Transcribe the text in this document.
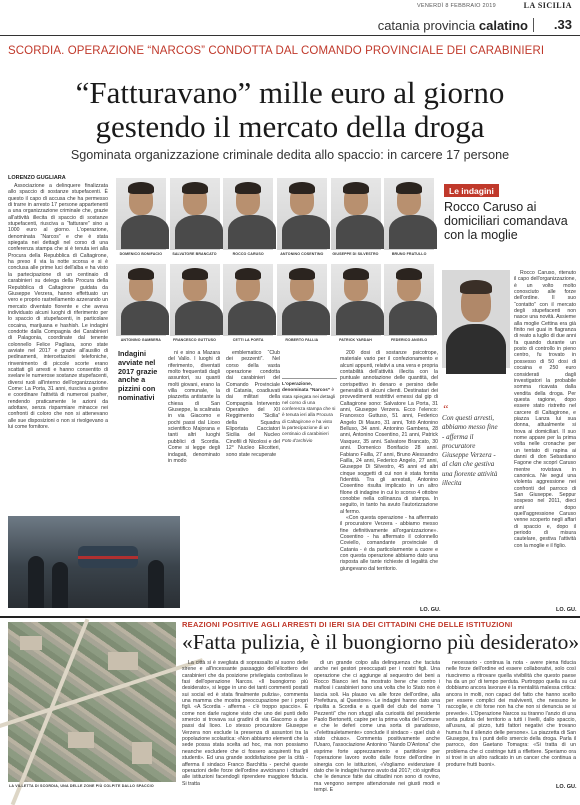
VENERDÌ 8 FEBBRAIO 2019	LA SICILIA
catania provincia calatino .33
SCORDIA. OPERAZIONE “NARCOS” CONDOTTA DAL COMANDO PROVINCIALE DEI CARABINIERI
“Fatturavano” mille euro al giorno
gestendo il mercato della droga
Sgominata organizzazione criminale dedita allo spaccio: in carcere 17 persone
LORENZO GUGLIARA

Associazione a delinquere finalizzata allo spaccio di sostanze stupefacenti. È questo il capo di accusa che ha permesso di trarre in arresto 17 persone appartenenti a una organizzazione criminale che, grazie all'attività illecita di spaccio di sostanze stupefacenti, riusciva a “fatturare” sino a 1000 euro al giorno. L'operazione, denominata “Narcos” e che è stata spiegata nei dettagli nel corso di una conferenza stampa che si è tenuta ieri alla Procura della Repubblica di Caltagirone, ha preso il via la notte scorsa e si è conclusa alle prime luci dell'alba e ha visto la partecipazione di un centinaio di carabinieri su delega della Procura della Repubblica di Caltagirone guidata da Giuseppe Verzera, hanno effettuato un vero e proprio rastrellamento azzerando un mercato diventato fiorente e che aveva individuato alcuni luoghi di riferimento per lo spaccio di stupefacenti, in particolare cocaina, marijuana e hashish. Le indagini condotte dalla Compagnia dei Carabinieri di Palagonia, coordinate dal tenente colonnello Felice Pagliara, sono state avviate nel 2017 e grazie all'ausilio di pedinamenti, intercettazioni telefoniche, rinvenimento di piccole scorte erano scattati gli arresti e hanno consentito di svelare le numerose sostanze stupefacenti, diversi ruoli all'interno dell'organizzazione. Come: La Porta, 31 anni, riusciva a gestire e coordinare l'attività di numerosi pusher, rendendo praticamente le azioni da adottare, senza risparmiare minacce nei confronti di coloro che non si attenevano alle sue disposizioni o non si rivolgevano a lui come fornitore.

DOMENICO BONIFACIO	SALVATORE BRANCATO	ROCCO CARUSO	ANTONINO COSENTINO	GIUSEPPE DI SILVESTRO	BRUNO FRATULLO
ANTONINO GAMBERA	FRANCESCO GUTTUSO	CETTI LA PORTA	ROBERTO FALLIA	PATRICK YARDAH	FEDERICO ANGELO
Indagini avviate nel 2017 grazie anche a pizzini con nominativi

ni e sino a Mazara del Vallo. I luoghi di riferimento, diventati molto frequentati dagli assuntori, su quanti molti giovani, erano la villa comunale, la piazzetta antistante la chiesa di San Giuseppe, la scalinata in via Giacomo e pochi passi dal Liceo scientifico Majorana e tanti altri luoghi pubblici di Scordia. Come si legge degli indagati, denominato in modo

emblematico “Club dei pezzenti”. Nel corso della vasta operazione condotta dai carabinieri del Comando Provinciale di Catania, coadiuvati dai militari della Compagnia Intervento Operativo del XII Reggimento “Sicilia” della Squadra Eliportata Cacciatori Sicilia del Nucleo Cinofili di Nicolosi e del 12° Nucleo Elicotteri, sono state recuperate

L'operazione, denominata “Narcos” è stata spiegata nei dettagli nel corso di una conferenza stampa che si è tenuta ieri alla Procura di Caltagirone e ha visto la partecipazione di un centinaio di carabinieri Foto d'archivio

200 dosi di sostanze psicotrope, materiale vario per il confezionamento e alcuni appunti, relativi a una vera e propria contabilità dell'attività illecita con la puntuale annotazione delle quantità, del corrispettivo in denaro e persino delle generalità di alcuni clienti. Destinatari dei provvedimenti restrittivi emessi dal gip di Caltagirone sono: Salvatore La Porta, 31 anni, Giuseppe Verzera. Ecco l'elenco: Francesco Guttuso, 51 anni, Federico Angelo Di Mauro, 31 anni, Totò Antonino Belluso, 34 anni. Antonino Gambera, 28 anni, Antonino Cosentino, 21 anni, Patrick Vasquez, 35 anni. Salvatore Brancato, 30 anni. Domenico Bonifacio 28 anni. Fabiano Failla, 27 anni, Bruno Alessandro Failla, 24 anni, Federico Angelo, 27 anni, Giuseppe Di Silvestro, 45 anni ed altri cinque soggetti di cui non è stata fornita l'identità. Tra gli arrestati, Antonino Cosentino risulta implicato in un altro filone di indagine in cui lo scorso 4 ottobre conobbe nella collinanza di stampa. In seguito, in tanto ha avuto l'autorizzazione al fermo.

«Con questa operazione - ha affermato il procuratore Verzera - abbiamo messo fine definitivamente all'organizzazione». Cosentino - ha affermato il colonnello Coviello, comandante provinciale di Catania - è da particolarmente a cuore e con questa operazione abbiamo dato una risposta alle tante richieste di legalità che giungevano dal territorio.

Le indagini
Rocco Caruso ai domiciliari comandava con la moglie

Rocco Caruso, ritenuto il capo dell'organizzazione, è un volto molto conosciuto alle forze dell'ordine. Il suo “contatto” con il mercato degli stupefacenti non nasce una novità. Assieme alla moglie Cettina era già finito nei guai in flagranza di reato a luglio di due anni fa quando durante un posto di controllo in pieno centro, fu trovato in possesso di 50 dosi di cocaina e 250 euro considerati dagli investigatori la probabile somma ricavata dalla vendita della droga. Per questa ragione, dopo essere stato ristretto nel carcere di Caltagirone, e piazza Lanza lui sua donna, attualmente si trova ai domiciliari. Il suo nome appare per la prima volta nelle cronache per un tentato di rapina ai danni di don Sebastiano Fagone che scoprì Caruso mentre rovistava in canonica. Ne seguì una violenta aggressione nei confronti del parroco di San Giuseppe. Seppur sospeso nel 2011, dieci anni dopo quell'aggressione Caruso venne scoperto negli affari di spaccio e, dopo il periodo di misura cautelare, gestiva l'attività con la moglie e il figlio.

“
Con questi arresti, abbiamo messo fine - afferma il procuratore Giuseppe Verzera - al clan che gestiva una fiorente attività illecita
LO. GU.
LO. GU.
LA VILLETTA DI SCORDIA, UNA DELLE ZONE PIÙ COLPITE DALLO SPACCIO
REAZIONI POSITIVE AGLI ARRESTI DI IERI SIA DEI CITTADINI CHE DELLE ISTITUZIONI
«Fatta pulizia, è il buongiorno più desiderato»

La città si è svegliata di soprassalto al suono delle sirene e all'incessante passaggio dell'elicottero dei carabinieri che da posizione privilegiata controllava le fasi dell'operazione Narcos. «Il buongiorno più desiderato», si legge in uno dei tanti commenti postati sui social ed è stata finalmente pulizia», commenta una mamma che mostra preoccupazione per i propri figli. «A Scordia - afferma - c'è troppo spaccio». È come non darle ragione visto che uno dei punti dello smercio si trovava sui gradini di via Giacomo a due passi dal liceo. Lo stesso procuratore Giuseppe Verzera non esclude la presenza di assuntori tra la popolazione scolastica: «Non abbiamo elementi che la sede possa stata scelta ad hoc, ma non possiamo neanche escludere che ci fossero acquirenti fra gli studenti». Ed una grande soddisfazione per la città - afferma il sindaco Franco Barchitta - perché queste operazioni delle forze dell'ordine avvicinano i cittadini alle istituzioni facendogli riprendere maggiore fiducia. Si tratta

di un grande colpo alla delinquenza che taciuta anche nei gestori preoccupati per i nostri figli. Una operazione che ci aggiunge al sequestro dei beni a Rocco Bianco ieri ha mostrato bene che contro i mafiosi i carabinieri sono una volta che lo Stato non è lascia soli. Ha plauso va alle forze dell'ordine, alla Prefettura, al Questore». Le indagini hanno dato una ripulita a Scordia e a quelli del club del nome “I Pezzenti” che non sfuggì alla curiosità del presidente Paolo Bertonetti, capire per la prima volta del Comune e che le deferì come una sorta di paradosso, «l'elettrauletamente» conclude il sindaco - quel club è stato chiuso». Commenta positivamente anche l'Usaro, l'associazione Antonino “Nando D'Antona” che esprime forte apprezzamento e partitolore per l'operazione lavoro svolto dalle forze dell'ordine in sinergia con le istituzioni, «Vogliamo evidenziare il dato che le indagini hanno avuto dal 2017; ciò significa che le denunce fatte dai cittadini non sono di rovino, ma vengono sempre attenzionate nei giusti modi e tempi. E

necessario - continua la nota - avere piena fiducia nelle forze dell'ordine ed essere collaborativi, solo così riusciremo a ritrovare quella vivibilità che questo paese ha da un po' di tempo perduta. Purtroppo quella su cui dobbiamo ancora lavorare è la mentalità malessa critica: ancora in molti, non capaci del fatto che hanno scelto per essere complici dei malviventi, che nessuno le raccoglie, e chi forse non ha che non si denuncia se si prevede». L'Operazione Narcos su tiranno l'anzio di una sorta pulizia del territorio a tutti i livelli, dallo spaccio, all'usura, al pizzo, tutti fattori negativi che trovano humus fra il silenzio delle persone». La piazzetta di San Giuseppe, tra i punti dello smercio della droga. Parla il parroco, don Gaetano Tomagra: «Si tratta di un problema che ci costringe tutti a riflettere. Speriamo ora si trovi in un altro radicato in un cancer che continua a produrre frutti buoni».

LO. GU.
